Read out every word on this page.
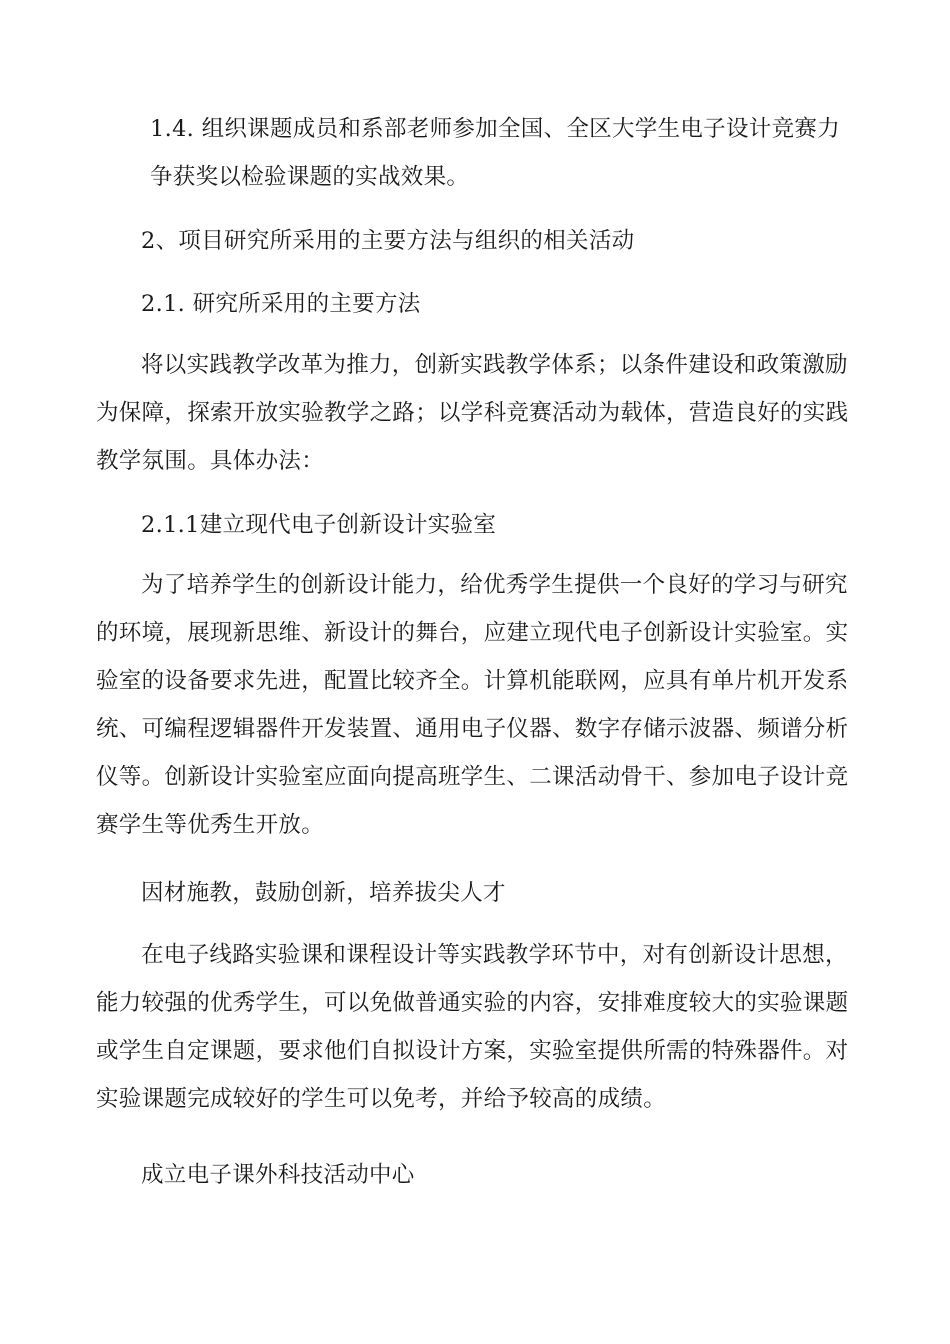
1.4. 组织课题成员和系部老师参加全国、全区大学生电子设计竞赛力
争获奖以检验课题的实战效果。
2、项目研究所采用的主要方法与组织的相关活动
2.1. 研究所采用的主要方法
将以实践教学改革为推力，创新实践教学体系；以条件建设和政策激励
为保障，探索开放实验教学之路；以学科竞赛活动为载体，营造良好的实践
教学氛围。具体办法：
2.1.1建立现代电子创新设计实验室
为了培养学生的创新设计能力，给优秀学生提供一个良好的学习与研究
的环境，展现新思维、新设计的舞台，应建立现代电子创新设计实验室。实
验室的设备要求先进，配置比较齐全。计算机能联网，应具有单片机开发系
统、可编程逻辑器件开发装置、通用电子仪器、数字存储示波器、频谱分析
仪等。创新设计实验室应面向提高班学生、二课活动骨干、参加电子设计竞
赛学生等优秀生开放。
因材施教，鼓励创新，培养拔尖人才
在电子线路实验课和课程设计等实践教学环节中，对有创新设计思想，
能力较强的优秀学生，可以免做普通实验的内容，安排难度较大的实验课题
或学生自定课题，要求他们自拟设计方案，实验室提供所需的特殊器件。对
实验课题完成较好的学生可以免考，并给予较高的成绩。
成立电子课外科技活动中心
